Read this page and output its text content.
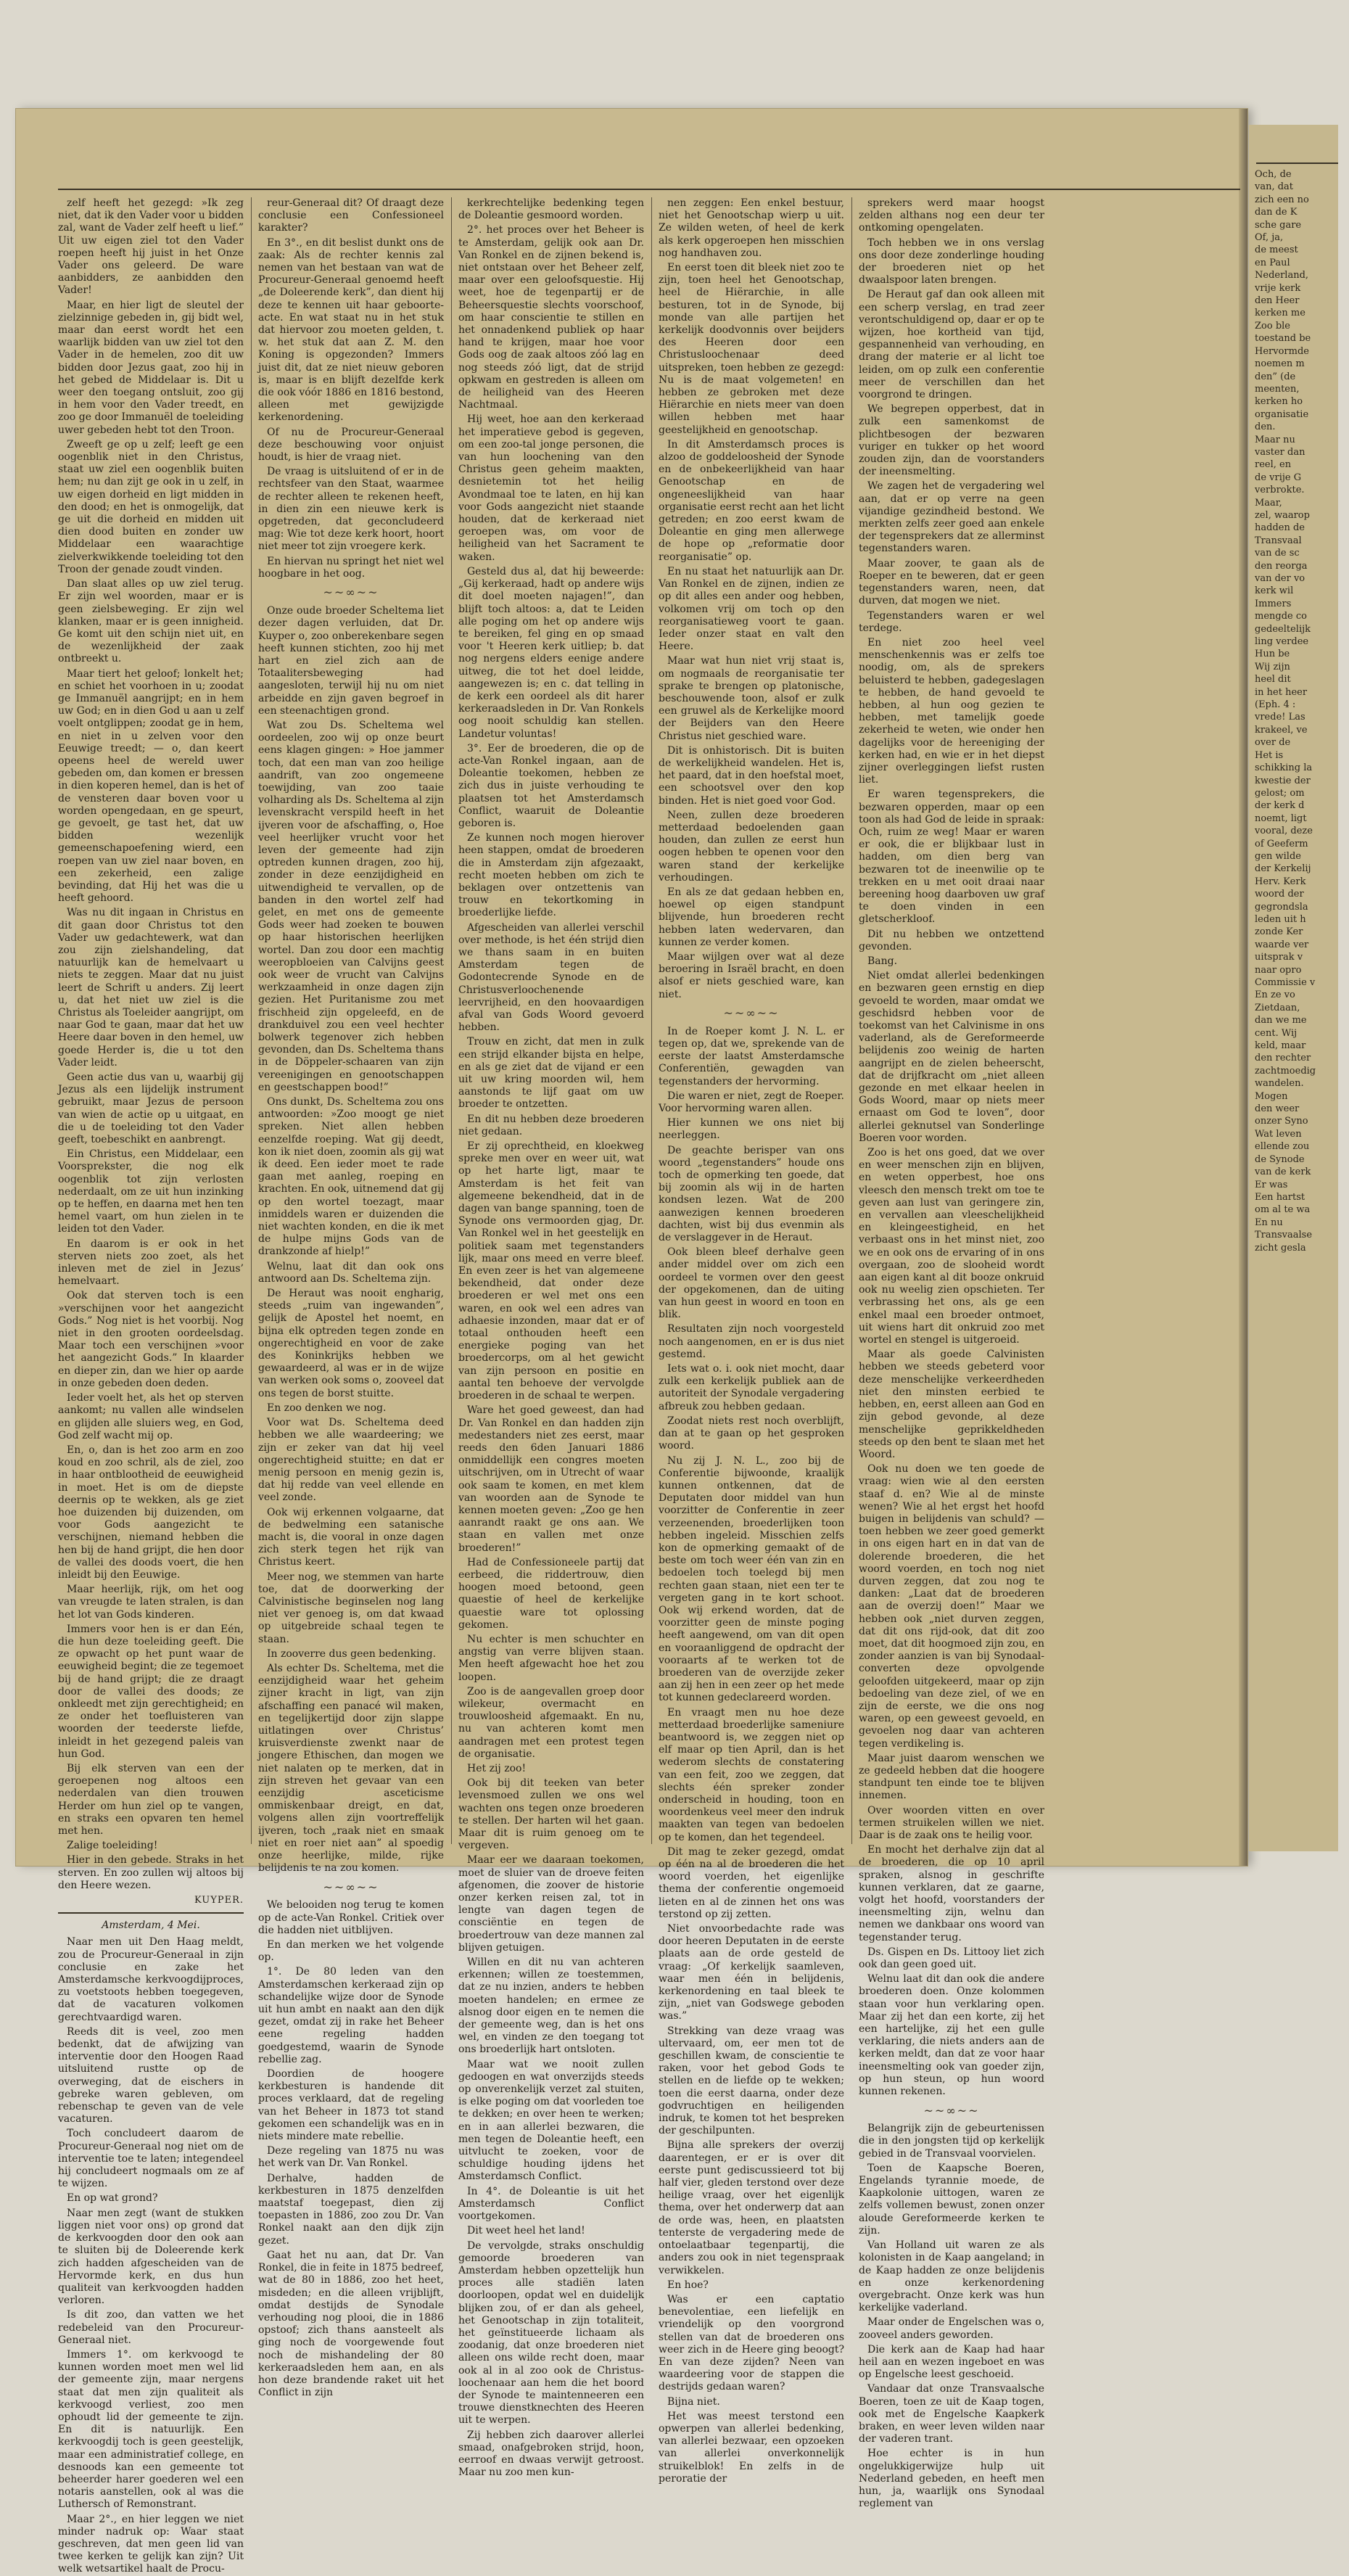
Och, de
van, dat
zich een no
dan de K
sche gare
Of, ja,
de meest
en Paul
Nederland,
vrije kerk
den Heer
kerken me
Zoo ble
toestand be
Hervormde
noemen m
den” (de
meenten,
kerken ho
organisatie
den.
Maar nu
vaster dan
reel, en
de vrije G
verbrokte.
Maar,
zel, waarop
hadden de
Transvaal
van de sc
den reorga
van der vo
kerk wil
Immers
mengde co
gedeeltelijk
ling verdee
Hun be
Wij zijn
heel dit
in het heer
(Eph. 4 :
vrede! Las
krakeel, ve
over de
Het is
schikking la
kwestie der
gelost; om
der kerk d
noemt, ligt
vooral, deze
of Geeferm
gen wilde
der Kerkelij
Herv. Kerk
woord der
gegrondsla
leden uit h
zonde Ker
waarde ver
uitsprak v
naar opro
Commissie v
En ze vo
Zietdaan,
dan we me
cent. Wij
keld, maar
den rechter
zachtmoedig
wandelen.
Mogen
den weer
onzer Syno
Wat leven
ellende zou
de Synode
van de kerk
Er was
Een hartst
om al te wa
En nu
Transvaalse
zicht gesla

zelf heeft het gezegd: »Ik zeg niet, dat ik den Vader voor u bidden zal, want de Vader zelf heeft u lief.” Uit uw eigen ziel tot den Vader roepen heeft hij juist in het Onze Vader ons geleerd. De ware aanbidders, ze aanbidden den Vader!

Maar, en hier ligt de sleutel der zielzinnige gebeden in, gij bidt wel, maar dan eerst wordt het een waarlijk bidden van uw ziel tot den Vader in de hemelen, zoo dit uw bidden door Jezus gaat, zoo hij in het gebed de Middelaar is. Dit u weer den toegang ontsluit, zoo gij in hem voor den Vader treedt, en zoo ge door Immanuël de toeleiding uwer gebeden hebt tot den Troon.

Zweeft ge op u zelf; leeft ge een oogenblik niet in den Christus, staat uw ziel een oogenblik buiten hem; nu dan zijt ge ook in u zelf, in uw eigen dorheid en ligt midden in den dood; en het is onmogelijk, dat ge uit die dorheid en midden uit dien dood buiten en zonder uw Middelaar een waarachtige zielverkwikkende toeleiding tot den Troon der genade zoudt vinden.

Dan slaat alles op uw ziel terug. Er zijn wel woorden, maar er is geen zielsbeweging. Er zijn wel klanken, maar er is geen innigheid. Ge komt uit den schijn niet uit, en de wezenlijkheid der zaak ontbreekt u.

Maar tiert het geloof; lonkelt het; en schiet het voorhoen in u; zoodat ge Immanuël aangrijpt; en in hem uw God; en in dien God u aan u zelf voelt ontglippen; zoodat ge in hem, en niet in u zelven voor den Eeuwige treedt; — o, dan keert opeens heel de wereld uwer gebeden om, dan komen er bressen in dien koperen hemel, dan is het of de vensteren daar boven voor u worden opengedaan, en ge speurt, ge gevoelt, ge tast het, dat uw bidden wezenlijk gemeenschapoefening wierd, een roepen van uw ziel naar boven, en een zekerheid, een zalige bevinding, dat Hij het was die u heeft gehoord.

Was nu dit ingaan in Christus en dit gaan door Christus tot den Vader uw gedachtewerk, wat dan zou zijn zielshandeling, dat natuurlijk kan de hemelvaart u niets te zeggen. Maar dat nu juist leert de Schrift u anders. Zij leert u, dat het niet uw ziel is die Christus als Toeleider aangrijpt, om naar God te gaan, maar dat het uw Heere daar boven in den hemel, uw goede Herder is, die u tot den Vader leidt.

Geen actie dus van u, waarbij gij Jezus als een lijdelijk instrument gebruikt, maar Jezus de persoon van wien de actie op u uitgaat, en die u de toeleiding tot den Vader geeft, toebeschikt en aanbrengt.

Ein Christus, een Middelaar, een Voorsprekster, die nog elk oogenblik tot zijn verlosten nederdaalt, om ze uit hun inzinking op te heffen, en daarna met hen ten hemel vaart, om hun zielen in te leiden tot den Vader.

En daarom is er ook in het sterven niets zoo zoet, als het inleven met de ziel in Jezus’ hemelvaart.

Ook dat sterven toch is een »verschijnen voor het aangezicht Gods.” Nog niet is het voorbij. Nog niet in den grooten oordeelsdag. Maar toch een verschijnen »voor het aangezicht Gods.” In klaarder en dieper zin, dan we hier op aarde in onze gebeden doen deden.

Ieder voelt het, als het op sterven aankomt; nu vallen alle windselen en glijden alle sluiers weg, en God, God zelf wacht mij op.

En, o, dan is het zoo arm en zoo koud en zoo schril, als de ziel, zoo in haar ontblootheid de eeuwigheid in moet. Het is om de diepste deernis op te wekken, als ge ziet hoe duizenden bij duizenden, om voor Gods aangezicht te verschijnen, niemand hebben die hen bij de hand grijpt, die hen door de vallei des doods voert, die hen inleidt bij den Eeuwige.

Maar heerlijk, rijk, om het oog van vreugde te laten stralen, is dan het lot van Gods kinderen.

Immers voor hen is er dan Eén, die hun deze toeleiding geeft. Die ze opwacht op het punt waar de eeuwigheid begint; die ze tegemoet bij de hand grijpt; die ze draagt door de vallei des doods; ze onkleedt met zijn gerechtigheid; en ze onder het toefluisteren van woorden der teederste liefde, inleidt in het gezegend paleis van hun God.

Bij elk sterven van een der geroepenen nog altoos een nederdalen van dien trouwen Herder om hun ziel op te vangen, en straks een opvaren ten hemel met hen.

Zalige toeleiding!

Hier in den gebede. Straks in het sterven. En zoo zullen wij altoos bij den Heere wezen.

KUYPER.
Amsterdam, 4 Mei.

Naar men uit Den Haag meldt, zou de Procureur-Generaal in zijn conclusie en zake het Amsterdamsche kerkvoogdijproces, zu voetstoots hebben toegegeven, dat de vacaturen volkomen gerechtvaardigd waren.

Reeds dit is veel, zoo men bedenkt, dat de afwijzing van interventie door den Hoogen Raad uitsluitend rustte op de overweging, dat de eischers in gebreke waren gebleven, om rebenschap te geven van de vele vacaturen.

Toch concludeert daarom de Procureur-Generaal nog niet om de interventie toe te laten; integendeel hij concludeert nogmaals om ze af te wijzen.

En op wat grond?

Naar men zegt (want de stukken liggen niet voor ons) op grond dat de kerkvoogden door den ook aan te sluiten bij de Doleerende kerk zich hadden afgescheiden van de Hervormde kerk, en dus hun qualiteit van kerkvoogden hadden verloren.

Is dit zoo, dan vatten we het redebeleid van den Procureur-Generaal niet.

Immers 1°. om kerkvoogd te kunnen worden moet men wel lid der gemeente zijn, maar nergens staat dat men zijn qualiteit als kerkvoogd verliest, zoo men ophoudt lid der gemeente te zijn. En dit is natuurlijk. Een kerkvoogdij toch is geen geestelijk, maar een administratief college, en desnoods kan een gemeente tot beheerder harer goederen wel een notaris aanstellen, ook al was die Luthersch of Remonstrant.

Maar 2°., en hier leggen we niet minder nadruk op: Waar staat geschreven, dat men geen lid van twee kerken te gelijk kan zijn? Uit welk wetsartikel haalt de Procu-

reur-Generaal dit? Of draagt deze conclusie een Confessioneel karakter?

En 3°., en dit beslist dunkt ons de zaak: Als de rechter kennis zal nemen van het bestaan van wat de Procureur-Generaal genoemd heeft „de Doleerende kerk”, dan dient hij deze te kennen uit haar geboorte-acte. En wat staat nu in het stuk dat hiervoor zou moeten gelden, t. w. het stuk dat aan Z. M. den Koning is opgezonden? Immers juist dit, dat ze niet nieuw geboren is, maar is en blijft dezelfde kerk die ook vóór 1886 en 1816 bestond, alleen met gewijzigde kerkenordening.

Of nu de Procureur-Generaal deze beschouwing voor onjuist houdt, is hier de vraag niet.

De vraag is uitsluitend of er in de rechtsfeer van den Staat, waarmee de rechter alleen te rekenen heeft, in dien zin een nieuwe kerk is opgetreden, dat geconcludeerd mag: Wie tot deze kerk hoort, hoort niet meer tot zijn vroegere kerk.

En hiervan nu springt het niet wel hoogbare in het oog.

~~∞~~

Onze oude broeder Scheltema liet dezer dagen verluiden, dat Dr. Kuyper o, zoo onberekenbare segen heeft kunnen stichten, zoo hij met hart en ziel zich aan de Totaalitersbeweging had aangesloten, terwijl hij nu om niet arbeidde en zijn gaven begroef in een steenachtigen grond.

Wat zou Ds. Scheltema wel oordeelen, zoo wij op onze beurt eens klagen gingen: » Hoe jammer toch, dat een man van zoo heilige aandrift, van zoo ongemeene toewijding, van zoo taaie volharding als Ds. Scheltema al zijn levenskracht verspild heeft in het ijveren voor de afschaffing, o, Hoe veel heerlijker vrucht voor het leven der gemeente had zijn optreden kunnen dragen, zoo hij, zonder in deze eenzijdigheid en uitwendigheid te vervallen, op de banden in den wortel zelf had gelet, en met ons de gemeente Gods weer had zoeken te bouwen op haar historischen heerlijken wortel. Dan zou door een machtig weeropbloeien van Calvijns geest ook weer de vrucht van Calvijns werkzaamheid in onze dagen zijn gezien. Het Puritanisme zou met frischheid zijn opgeleefd, en de drankduivel zou een veel hechter bolwerk tegenover zich hebben gevonden, dan Ds. Scheltema thans in de Döppeler-schaaren van zijn vereenigingen en genootschappen en geestschappen bood!”

Ons dunkt, Ds. Scheltema zou ons antwoorden: »Zoo moogt ge niet spreken. Niet allen hebben eenzelfde roeping. Wat gij deedt, kon ik niet doen, zoomin als gij wat ik deed. Een ieder moet te rade gaan met aanleg, roeping en krachten. En ook, uitnemend dat gij op den wortel toezagt, maar inmiddels waren er duizenden die niet wachten konden, en die ik met de hulpe mijns Gods van de drankzonde af hielp!”

Welnu, laat dit dan ook ons antwoord aan Ds. Scheltema zijn.

De Heraut was nooit engharig, steeds „ruim van ingewanden”, gelijk de Apostel het noemt, en bijna elk optreden tegen zonde en ongerechtigheid en voor de zake des Koninkrijks hebben we gewaardeerd, al was er in de wijze van werken ook soms o, zooveel dat ons tegen de borst stuitte.

En zoo denken we nog.

Voor wat Ds. Scheltema deed hebben we alle waardeering; we zijn er zeker van dat hij veel ongerechtigheid stuitte; en dat er menig persoon en menig gezin is, dat hij redde van veel ellende en veel zonde.

Ook wij erkennen volgaarne, dat de bedwelming een satanische macht is, die vooral in onze dagen zich sterk tegen het rijk van Christus keert.

Meer nog, we stemmen van harte toe, dat de doorwerking der Calvinistische beginselen nog lang niet ver genoeg is, om dat kwaad op uitgebreide schaal tegen te staan.

In zooverre dus geen bedenking.

Als echter Ds. Scheltema, met die eenzijdigheid waar het geheim zijner kracht in ligt, van zijn afschaffing een panacé wil maken, en tegelijkertijd door zijn slappe uitlatingen over Christus’ kruisverdienste zwenkt naar de jongere Ethischen, dan mogen we niet nalaten op te merken, dat in zijn streven het gevaar van een eenzijdig asceticisme ommiskenbaar dreigt, en dat, volgens allen zijn voortreffelijk ijveren, toch „raak niet en smaak niet en roer niet aan” al spoedig onze heerlijke, milde, rijke belijdenis te na zou komen.

~~∞~~

We belooiden nog terug te komen op de acte-Van Ronkel. Critiek over die hadden niet uitblijven.

En dan merken we het volgende op.

1°. De 80 leden van den Amsterdamschen kerkeraad zijn op schandelijke wijze door de Synode uit hun ambt en naakt aan den dijk gezet, omdat zij in rake het Beheer eene regeling hadden goedgestemd, waarin de Synode rebellie zag.

Doordien de hoogere kerkbesturen is handende dit proces verklaard, dat de regeling van het Beheer in 1873 tot stand gekomen een schandelijk was en in niets mindere mate rebellie.

Deze regeling van 1875 nu was het werk van Dr. Van Ronkel.

Derhalve, hadden de kerkbesturen in 1875 denzelfden maatstaf toegepast, dien zij toepasten in 1886, zoo zou Dr. Van Ronkel naakt aan den dijk zijn gezet.

Gaat het nu aan, dat Dr. Van Ronkel, die in feite in 1875 bedreef, wat de 80 in 1886, zoo het heet, misdeden; en die alleen vrijblijft, omdat destijds de Synodale verhouding nog plooi, die in 1886 opstoof; zich thans aansteelt als ging noch de voorgewende fout noch de mishandeling der 80 kerkeraadsleden hem aan, en als hon deze brandende raket uit het Conflict in zijn

kerkrechtelijke bedenking tegen de Doleantie gesmoord worden.

2°. het proces over het Beheer is te Amsterdam, gelijk ook aan Dr. Van Ronkel en de zijnen bekend is, niet ontstaan over het Beheer zelf, maar over een geloofsquestie. Hij weet, hoe de tegenpartij er de Beheersquestie slechts voorschoof, om haar conscientie te stillen en het onnadenkend publiek op haar hand te krijgen, maar hoe voor Gods oog de zaak altoos zóó lag en nog steeds zóó ligt, dat de strijd opkwam en gestreden is alleen om de heiligheid van des Heeren Nachtmaal.

Hij weet, hoe aan den kerkeraad het imperatieve gebod is gegeven, om een zoo-tal jonge personen, die van hun loochening van den Christus geen geheim maakten, desnietemin tot het heilig Avondmaal toe te laten, en hij kan voor Gods aangezicht niet staande houden, dat de kerkeraad niet geroepen was, om voor de heiligheid van het Sacrament te waken.

Gesteld dus al, dat hij beweerde: „Gij kerkeraad, hadt op andere wijs dit doel moeten najagen!”, dan blijft toch altoos: a, dat te Leiden alle poging om het op andere wijs te bereiken, fel ging en op smaad voor 't Heeren kerk uitliep; b. dat nog nergens elders eenige andere uitweg, die tot het doel leidde, aangewezen is; en c. dat telling in de kerk een oordeel als dit harer kerkeraadsleden in Dr. Van Ronkels oog nooit schuldig kan stellen. Landetur voluntas!

3°. Eer de broederen, die op de acte-Van Ronkel ingaan, aan de Doleantie toekomen, hebben ze zich dus in juiste verhouding te plaatsen tot het Amsterdamsch Conflict, waaruit de Doleantie geboren is.

Ze kunnen noch mogen hierover heen stappen, omdat de broederen die in Amsterdam zijn afgezaakt, recht moeten hebben om zich te beklagen over ontzettenis van trouw en tekortkoming in broederlijke liefde.

Afgescheiden van allerlei verschil over methode, is het één strijd dien we thans saam in en buiten Amsterdam tegen de Godontecrende Synode en de Christusverloochenende leervrijheid, en den hoovaardigen afval van Gods Woord gevoerd hebben.

Trouw en zicht, dat men in zulk een strijd elkander bijsta en helpe, en als ge ziet dat de vijand er een uit uw kring moorden wil, hem aanstonds te lijf gaat om uw broeder te ontzetten.

En dit nu hebben deze broederen niet gedaan.

Er zij oprechtheid, en kloekweg spreke men over en weer uit, wat op het harte ligt, maar te Amsterdam is het feit van algemeene bekendheid, dat in de dagen van bange spanning, toen de Synode ons vermoorden gjag, Dr. Van Ronkel wel in het geestelijk en politiek saam met tegenstanders lijk, maar ons meed en verre bleef. En even zeer is het van algemeene bekendheid, dat onder deze broederen er wel met ons een waren, en ook wel een adres van adhaesie inzonden, maar dat er of totaal onthouden heeft een energieke poging van het broedercorps, om al het gewicht van zijn persoon en positie en aantal ten behoeve der vervolgde broederen in de schaal te werpen.

Ware het goed geweest, dan had Dr. Van Ronkel en dan hadden zijn medestanders niet zes eerst, maar reeds den 6den Januari 1886 onmiddellijk een congres moeten uitschrijven, om in Utrecht of waar ook saam te komen, en met klem van woorden aan de Synode te kennen moeten geven: „Zoo ge hen aanrandt raakt ge ons aan. We staan en vallen met onze broederen!”

Had de Confessioneele partij dat eerbeed, die riddertrouw, dien hoogen moed betoond, geen quaestie of heel de kerkelijke quaestie ware tot oplossing gekomen.

Nu echter is men schuchter en angstig van verre blijven staan. Men heeft afgewacht hoe het zou loopen.

Zoo is de aangevallen groep door wilekeur, overmacht en trouwloosheid afgemaakt. En nu, nu van achteren komt men aandragen met een protest tegen de organisatie.

Het zij zoo!

Ook bij dit teeken van beter levensmoed zullen we ons wel wachten ons tegen onze broederen te stellen. Der harten wil het gaan. Maar dit is ruim genoeg om te vergeven.

Maar eer we daaraan toekomen, moet de sluier van de droeve feiten afgenomen, die zoover de historie onzer kerken reisen zal, tot in lengte van dagen tegen de consciëntie en tegen de broedertrouw van deze mannen zal blijven getuigen.

Willen en dit nu van achteren erkennen; willen ze toestemmen, dat ze nu inzien, anders te hebben moeten handelen; en ermee ze alsnog door eigen en te nemen die der gemeente weg, dan is het ons wel, en vinden ze den toegang tot ons broederlijk hart ontsloten.

Maar wat we nooit zullen gedoogen en wat onverzijds steeds op onverenkelijk verzet zal stuiten, is elke poging om dat voorleden toe te dekken; en over heen te werken; en in aan allerlei bezwaren, die men tegen de Doleantie heeft, een uitvlucht te zoeken, voor de schuldige houding ijdens het Amsterdamsch Conflict.

In 4°. de Doleantie is uit het Amsterdamsch Conflict voortgekomen.

Dit weet heel het land!

De vervolgde, straks onschuldig gemoorde broederen van Amsterdam hebben opzettelijk hun proces alle stadiën laten doorloopen, opdat wel en duidelijk blijken zou, of er dan als geheel, het Genootschap in zijn totaliteit, het geïnstitueerde lichaam als zoodanig, dat onze broederen niet alleen ons wilde recht doen, maar ook al in al zoo ook de Christus-loochenaar aan hem die het boord der Synode te maintenneeren een trouwe dienstknechten des Heeren uit te werpen.

Zij hebben zich daarover allerlei smaad, onafgebroken strijd, hoon, eerroof en dwaas verwijt getroost. Maar nu zoo men kun-

nen zeggen: Een enkel bestuur, niet het Genootschap wierp u uit. Ze wilden weten, of heel de kerk als kerk opgeroepen hen misschien nog handhaven zou.

En eerst toen dit bleek niet zoo te zijn, toen heel het Genootschap, heel de Hiërarchie, in alle besturen, tot in de Synode, bij monde van alle partijen het kerkelijk doodvonnis over beijders des Heeren door een Christusloochenaar deed uitspreken, toen hebben ze gezegd: Nu is de maat volgemeten! en hebben ze gebroken met deze Hiërarchie en niets meer van doen willen hebben met haar geestelijkheid en genootschap.

In dit Amsterdamsch proces is alzoo de goddeloosheid der Synode en de onbekeerlijkheid van haar Genootschap en de ongeneeslijkheid van haar organisatie eerst recht aan het licht getreden; en zoo eerst kwam de Doleantie en ging men allerwege de hope op „reformatie door reorganisatie” op.

En nu staat het natuurlijk aan Dr. Van Ronkel en de zijnen, indien ze op dit alles een ander oog hebben, volkomen vrij om toch op den reorganisatieweg voort te gaan. Ieder onzer staat en valt den Heere.

Maar wat hun niet vrij staat is, om nogmaals de reorganisatie ter sprake te brengen op platonische, beschouwende toon, alsof er zulk een gruwel als de Kerkelijke moord der Beijders van den Heere Christus niet geschied ware.

Dit is onhistorisch. Dit is buiten de werkelijkheid wandelen. Het is, het paard, dat in den hoefstal moet, een schootsvel over den kop binden. Het is niet goed voor God.

Neen, zullen deze broederen metterdaad bedoelenden gaan houden, dan zullen ze eerst hun oogen hebben te openen voor den waren stand der kerkelijke verhoudingen.

En als ze dat gedaan hebben en, hoewel op eigen standpunt blijvende, hun broederen recht hebben laten wedervaren, dan kunnen ze verder komen.

Maar wijlgen over wat al deze beroering in Israël bracht, en doen alsof er niets geschied ware, kan niet.

~~∞~~

In de Roeper komt J. N. L. er tegen op, dat we, sprekende van de eerste der laatst Amsterdamsche Conferentiën, gewagden van tegenstanders der hervorming.

Die waren er niet, zegt de Roeper. Voor hervorming waren allen.

Hier kunnen we ons niet bij neerleggen.

De geachte berisper van ons woord „tegenstanders” houde ons toch de opmerking ten goede, dat bij zoomin als wij in de harten kondsen lezen. Wat de 200 aanwezigen kennen broederen dachten, wist bij dus evenmin als de verslaggever in de Heraut.

Ook bleen bleef derhalve geen ander middel over om zich een oordeel te vormen over den geest der opgekomenen, dan de uiting van hun geest in woord en toon en blik.

Resultaten zijn noch voorgesteld noch aangenomen, en er is dus niet gestemd.

Iets wat o. i. ook niet mocht, daar zulk een kerkelijk publiek aan de autoriteit der Synodale vergadering afbreuk zou hebben gedaan.

Zoodat niets rest noch overblijft, dan at te gaan op het gesproken woord.

Nu zij J. N. L., zoo bij de Conferentie bijwoonde, kraalijk kunnen ontkennen, dat de Deputaten door middel van hun voorzitter de Conferentie in zeer verzeenenden, broederlijken toon hebben ingeleid. Misschien zelfs kon de opmerking gemaakt of de beste om toch weer één van zin en bedoelen toch toelegd bij men rechten gaan staan, niet een ter te vergeten gang in te kort schoot. Ook wij erkend worden, dat de voorzitter geen de minste poging heeft aangewend, om van dit open en vooraanliggend de opdracht der vooraarts af te werken tot de broederen van de overzijde zeker aan zij hen in een zeer op het mede tot kunnen gedeclareerd worden.

En vraagt men nu hoe deze metterdaad broederlijke sameniure beantwoord is, we zeggen niet op elf maar op tien April, dan is het wederom slechts de constatering van een feit, zoo we zeggen, dat slechts één spreker zonder onderscheid in houding, toon en woordenkeus veel meer den indruk maakten van tegen van bedoelen op te komen, dan het tegendeel.

Dit mag te zeker gezegd, omdat op één na al de broederen die het woord voerden, het eigenlijke thema der conferentie ongemoeid lieten en al de zinnen het ons was terstond op zij zetten.

Niet onvoorbedachte rade was door heeren Deputaten in de eerste plaats aan de orde gesteld de vraag: „Of kerkelijk saamleven, waar men één in belijdenis, kerkenordening en taal bleek te zijn, „niet van Godswege geboden was.”

Strekking van deze vraag was ultervaard, om, eer men tot de geschillen kwam, de conscientie te raken, voor het gebod Gods te stellen en de liefde op te wekken; toen die eerst daarna, onder deze godvruchtigen en heiligenden indruk, te komen tot het bespreken der geschilpunten.

Bijna alle sprekers der overzij daarentegen, er er is over dit eerste punt gediscussieerd tot bij half vier, gleden terstond over deze heilige vraag, over het eigenlijk thema, over het onderwerp dat aan de orde was, heen, en plaatsten tenterste de vergadering mede de ontoelaatbaar tegenpartij, die anders zou ook in niet tegenspraak verwikkelen.

En hoe?

Was er een captatio benevolentiae, een liefelijk en vriendelijk op den voorgrond stellen van dat de broederen ons weer zich in de Heere ging beoogt? En van deze zijden? Neen van waardeering voor de stappen die destrijds gedaan waren?

Bijna niet.

Het was meest terstond een opwerpen van allerlei bedenking, van allerlei bezwaar, een opzoeken van allerlei onverkonnelijk struikelblok! En zelfs in de peroratie der

sprekers werd maar hoogst zelden althans nog een deur ter ontkoming opengelaten.

Toch hebben we in ons verslag ons door deze zonderlinge houding der broederen niet op het dwaalspoor laten brengen.

De Heraut gaf dan ook alleen mit een scherp verslag, en trad zeer verontschuldigend op, daar er op te wijzen, hoe kortheid van tijd, gespannenheid van verhouding, en drang der materie er al licht toe leiden, om op zulk een conferentie meer de verschillen dan het voorgrond te dringen.

We begrepen opperbest, dat in zulk een samenkomst de plichtbesogen der bezwaren vuriger en tukker op het woord zouden zijn, dan de voorstanders der ineensmelting.

We zagen het de vergadering wel aan, dat er op verre na geen vijandige gezindheid bestond. We merkten zelfs zeer goed aan enkele der tegensprekers dat ze allerminst tegenstanders waren.

Maar zoover, te gaan als de Roeper en te beweren, dat er geen tegenstanders waren, neen, dat durven, dat mogen we niet.

Tegenstanders waren er wel terdege.

En niet zoo heel veel menschenkennis was er zelfs toe noodig, om, als de sprekers beluisterd te hebben, gadegeslagen te hebben, de hand gevoeld te hebben, al hun oog gezien te hebben, met tamelijk goede zekerheid te weten, wie onder hen dagelijks voor de hereeniging der kerken had, en wie er in het diepst zijner overleggingen liefst rusten liet.

Er waren tegensprekers, die bezwaren opperden, maar op een toon als had God de leide in spraak: Och, ruim ze weg! Maar er waren er ook, die er blijkbaar lust in hadden, om dien berg van bezwaren tot de ineenwilie op te trekken en u met ooit draai naar bereening hoog daarboven uw graf te doen vinden in een gletscherkloof.

Dit nu hebben we ontzettend gevonden.

Bang.

Niet omdat allerlei bedenkingen en bezwaren geen ernstig en diep gevoeld te worden, maar omdat we geschidsrd hebben voor de toekomst van het Calvinisme in ons vaderland, als de Gereformeerde belijdenis zoo weinig de harten aangrijpt en de zielen beheerscht, dat de drijfkracht om „niet alleen gezonde en met elkaar heelen in Gods Woord, maar op niets meer ernaast om God te loven”, door allerlei geknutsel van Sonderlinge Boeren voor worden.

Zoo is het ons goed, dat we over en weer menschen zijn en blijven, en weten opperbest, hoe ons vleesch den mensch trekt om toe te geven aan lust van geringere zin, en vervallen aan vleeschelijkheid en kleingeestigheid, en het verbaast ons in het minst niet, zoo we en ook ons de ervaring of in ons overgaan, zoo de slooheid wordt aan eigen kant al dit booze onkruid ook nu weelig zien opschieten. Ter verbrassing het ons, als ge een enkel maal een broeder ontmoet, uit wiens hart dit onkruid zoo met wortel en stengel is uitgeroeid.

Maar als goede Calvinisten hebben we steeds gebeterd voor deze menschelijke verkeerdheden niet den minsten eerbied te hebben, en, eerst alleen aan God en zijn gebod gevonde, al deze menschelijke geprikkeldheden steeds op den bent te slaan met het Woord.

Ook nu doen we ten goede de vraag: wien wie al den eersten staaf d. en? Wie al de minste wenen? Wie al het ergst het hoofd buigen in belijdenis van schuld? — toen hebben we zeer goed gemerkt in ons eigen hart en in dat van de dolerende broederen, die het woord voerden, en toch nog niet durven zeggen, dat zou nog te danken: „Laat dat de broederen aan de overzij doen!” Maar we hebben ook „niet durven zeggen, dat dit ons rijd-ook, dat dit zoo moet, dat dit hoogmoed zijn zou, en zonder aanzien is van bij Synodaal-converten deze opvolgende geloofden uitgekeerd, maar op zijn bedoeling van deze ziel, of we en zijn de eerste, we die ons nog waren, op een geweest gevoeld, en gevoelen nog daar van achteren tegen verdikeling is.

Maar juist daarom wenschen we ze gedeeld hebben dat die hoogere standpunt ten einde toe te blijven innemen.

Over woorden vitten en over termen struikelen willen we niet. Daar is de zaak ons te heilig voor.

En mocht het derhalve zijn dat al de broederen, die op 10 april spraken, alsnog in geschrifte kunnen verklaren, dat ze gaarne, volgt het hoofd, voorstanders der ineensmelting zijn, welnu dan nemen we dankbaar ons woord van tegenstander terug.

Ds. Gispen en Ds. Littooy liet zich ook dan geen goed uit.

Welnu laat dit dan ook die andere broederen doen. Onze kolommen staan voor hun verklaring open. Maar zij het dan een korte, zij het een hartelijke, zij het een gulle verklaring, die niets anders aan de kerken meldt, dan dat ze voor haar ineensmelting ook van goeder zijn, op hun steun, op hun woord kunnen rekenen.

~~∞~~

Belangrijk zijn de gebeurtenissen die in den jongsten tijd op kerkelijk gebied in de Transvaal voorvielen.

Toen de Kaapsche Boeren, Engelands tyrannie moede, de Kaapkolonie uittogen, waren ze zelfs vollemen bewust, zonen onzer aloude Gereformeerde kerken te zijn.

Van Holland uit waren ze als kolonisten in de Kaap aangeland; in de Kaap hadden ze onze belijdenis en onze kerkenordening overgebracht. Onze kerk was hun kerkelijke vaderland.

Maar onder de Engelschen was o, zooveel anders geworden.

Die kerk aan de Kaap had haar heil aan en wezen ingeboet en was op Engelsche leest geschoeid.

Vandaar dat onze Transvaalsche Boeren, toen ze uit de Kaap togen, ook met de Engelsche Kaapkerk braken, en weer leven wilden naar der vaderen trant.

Hoe echter is in hun ongelukkigerwijze hulp uit Nederland gebeden, en heeft men hun, ja, waarlijk ons Synodaal reglement van
